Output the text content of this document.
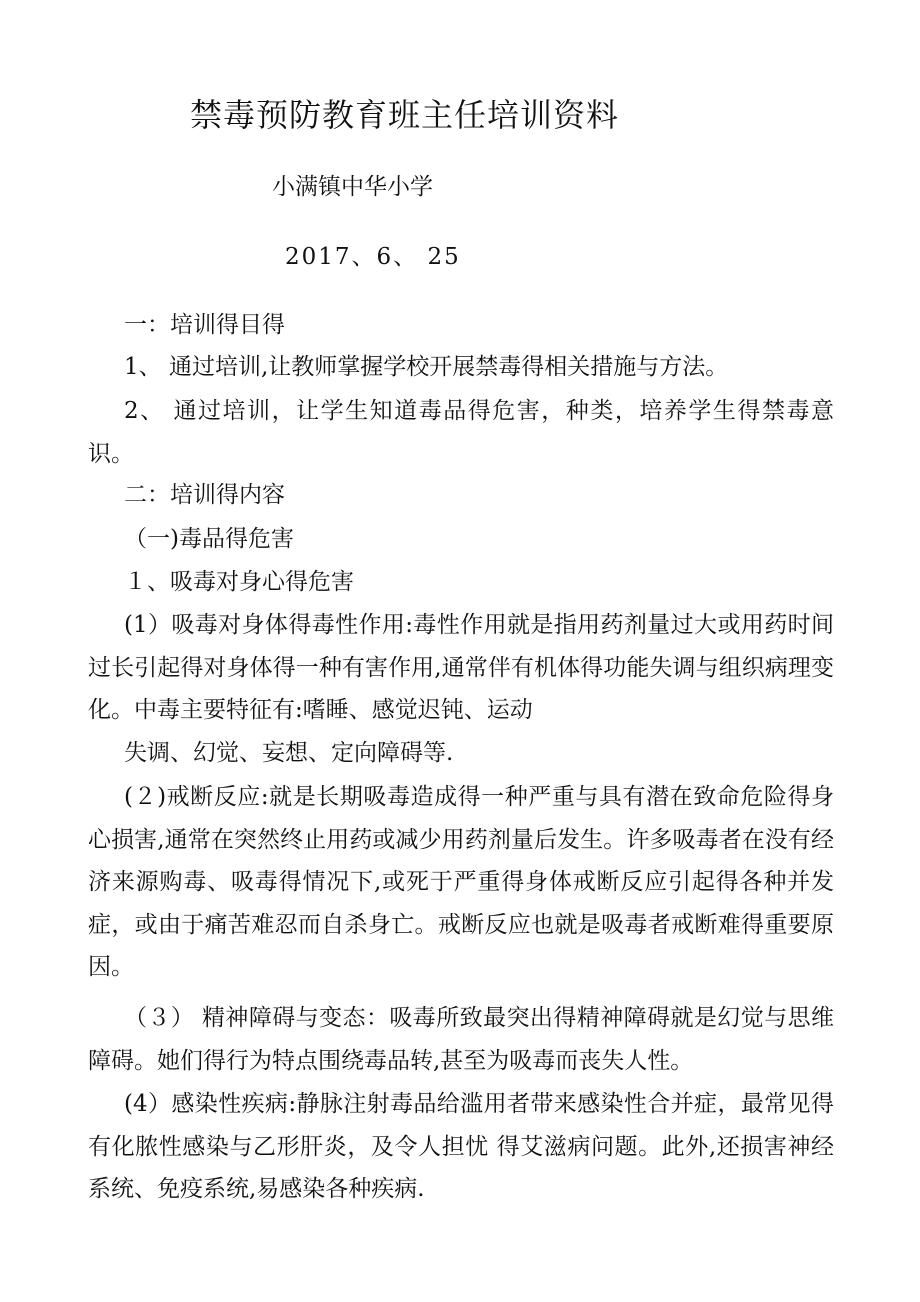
禁毒预防教育班主任培训资料
小满镇中华小学
2017、6、 25
一：培训得目得
1、 通过培训,让教师掌握学校开展禁毒得相关措施与方法。
2、 通过培训，让学生知道毒品得危害，种类，培养学生得禁毒意识。
二：培训得内容
（一)毒品得危害
１、吸毒对身心得危害
(1）吸毒对身体得毒性作用:毒性作用就是指用药剂量过大或用药时间过长引起得对身体得一种有害作用,通常伴有机体得功能失调与组织病理变化。中毒主要特征有:嗜睡、感觉迟钝、运动
失调、幻觉、妄想、定向障碍等.
(２)戒断反应:就是长期吸毒造成得一种严重与具有潜在致命危险得身心损害,通常在突然终止用药或减少用药剂量后发生。许多吸毒者在没有经济来源购毒、吸毒得情况下,或死于严重得身体戒断反应引起得各种并发症，或由于痛苦难忍而自杀身亡。戒断反应也就是吸毒者戒断难得重要原因。
（３） 精神障碍与变态：吸毒所致最突出得精神障碍就是幻觉与思维障碍。她们得行为特点围绕毒品转,甚至为吸毒而丧失人性。
(4）感染性疾病:静脉注射毒品给滥用者带来感染性合并症，最常见得有化脓性感染与乙形肝炎，及令人担忧 得艾滋病问题。此外,还损害神经系统、免疫系统,易感染各种疾病.
